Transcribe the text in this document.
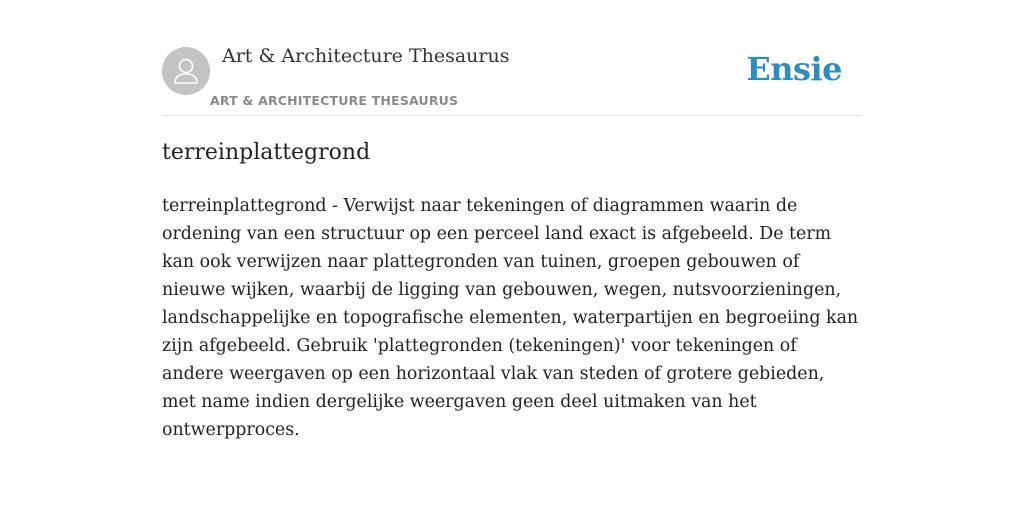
Art & Architecture Thesaurus
ART & ARCHITECTURE THESAURUS
Ensie
terreinplattegrond

terreinplattegrond - Verwijst naar tekeningen of diagrammen waarin de ordening van een structuur op een perceel land exact is afgebeeld. De term kan ook verwijzen naar plattegronden van tuinen, groepen gebouwen of nieuwe wijken, waarbij de ligging van gebouwen, wegen, nutsvoorzieningen, landschappelijke en topografische elementen, waterpartijen en begroeiing kan zijn afgebeeld. Gebruik 'plattegronden (tekeningen)' voor tekeningen of andere weergaven op een horizontaal vlak van steden of grotere gebieden, met name indien dergelijke weergaven geen deel uitmaken van het ontwerpproces.
